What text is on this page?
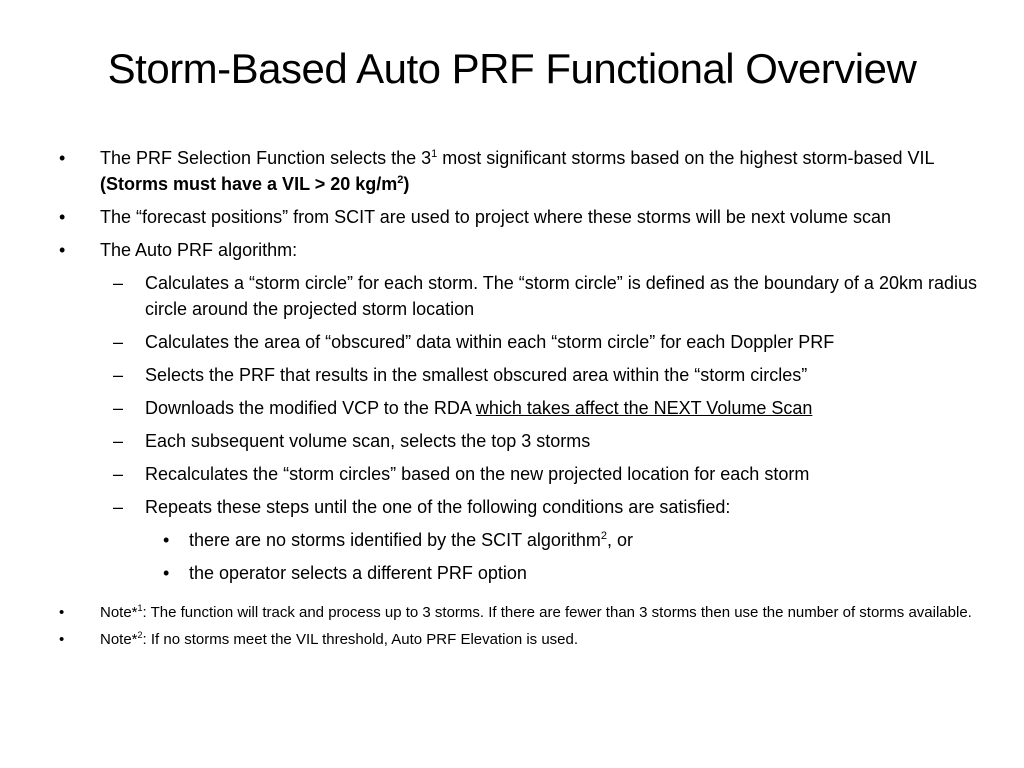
Storm-Based Auto PRF Functional Overview
• The PRF Selection Function selects the $3^1$ most significant storms based on the highest storm-based VIL (Storms must have a VIL > 20 $kg/m^2$)
• The “forecast positions” from SCIT are used to project where these storms will be next volume scan
• The Auto PRF algorithm:
– Calculates a “storm circle” for each storm. The “storm circle” is defined as the boundary of a 20km radius circle around the projected storm location
– Calculates the area of “obscured” data within each “storm circle” for each Doppler PRF
– Selects the PRF that results in the smallest obscured area within the “storm circles”
– Downloads the modified VCP to the RDA which takes affect the NEXT Volume Scan
– Each subsequent volume scan, selects the top 3 storms
– Recalculates the “storm circles” based on the new projected location for each storm
– Repeats these steps until the one of the following conditions are satisfied:
• there are no storms identified by the SCIT algorithm$^2$, or
• the operator selects a different PRF option
• Note*$^1$: The function will track and process up to 3 storms. If there are fewer than 3 storms then use the number of storms available.
• Note*$^2$: If no storms meet the VIL threshold, Auto PRF Elevation is used.
